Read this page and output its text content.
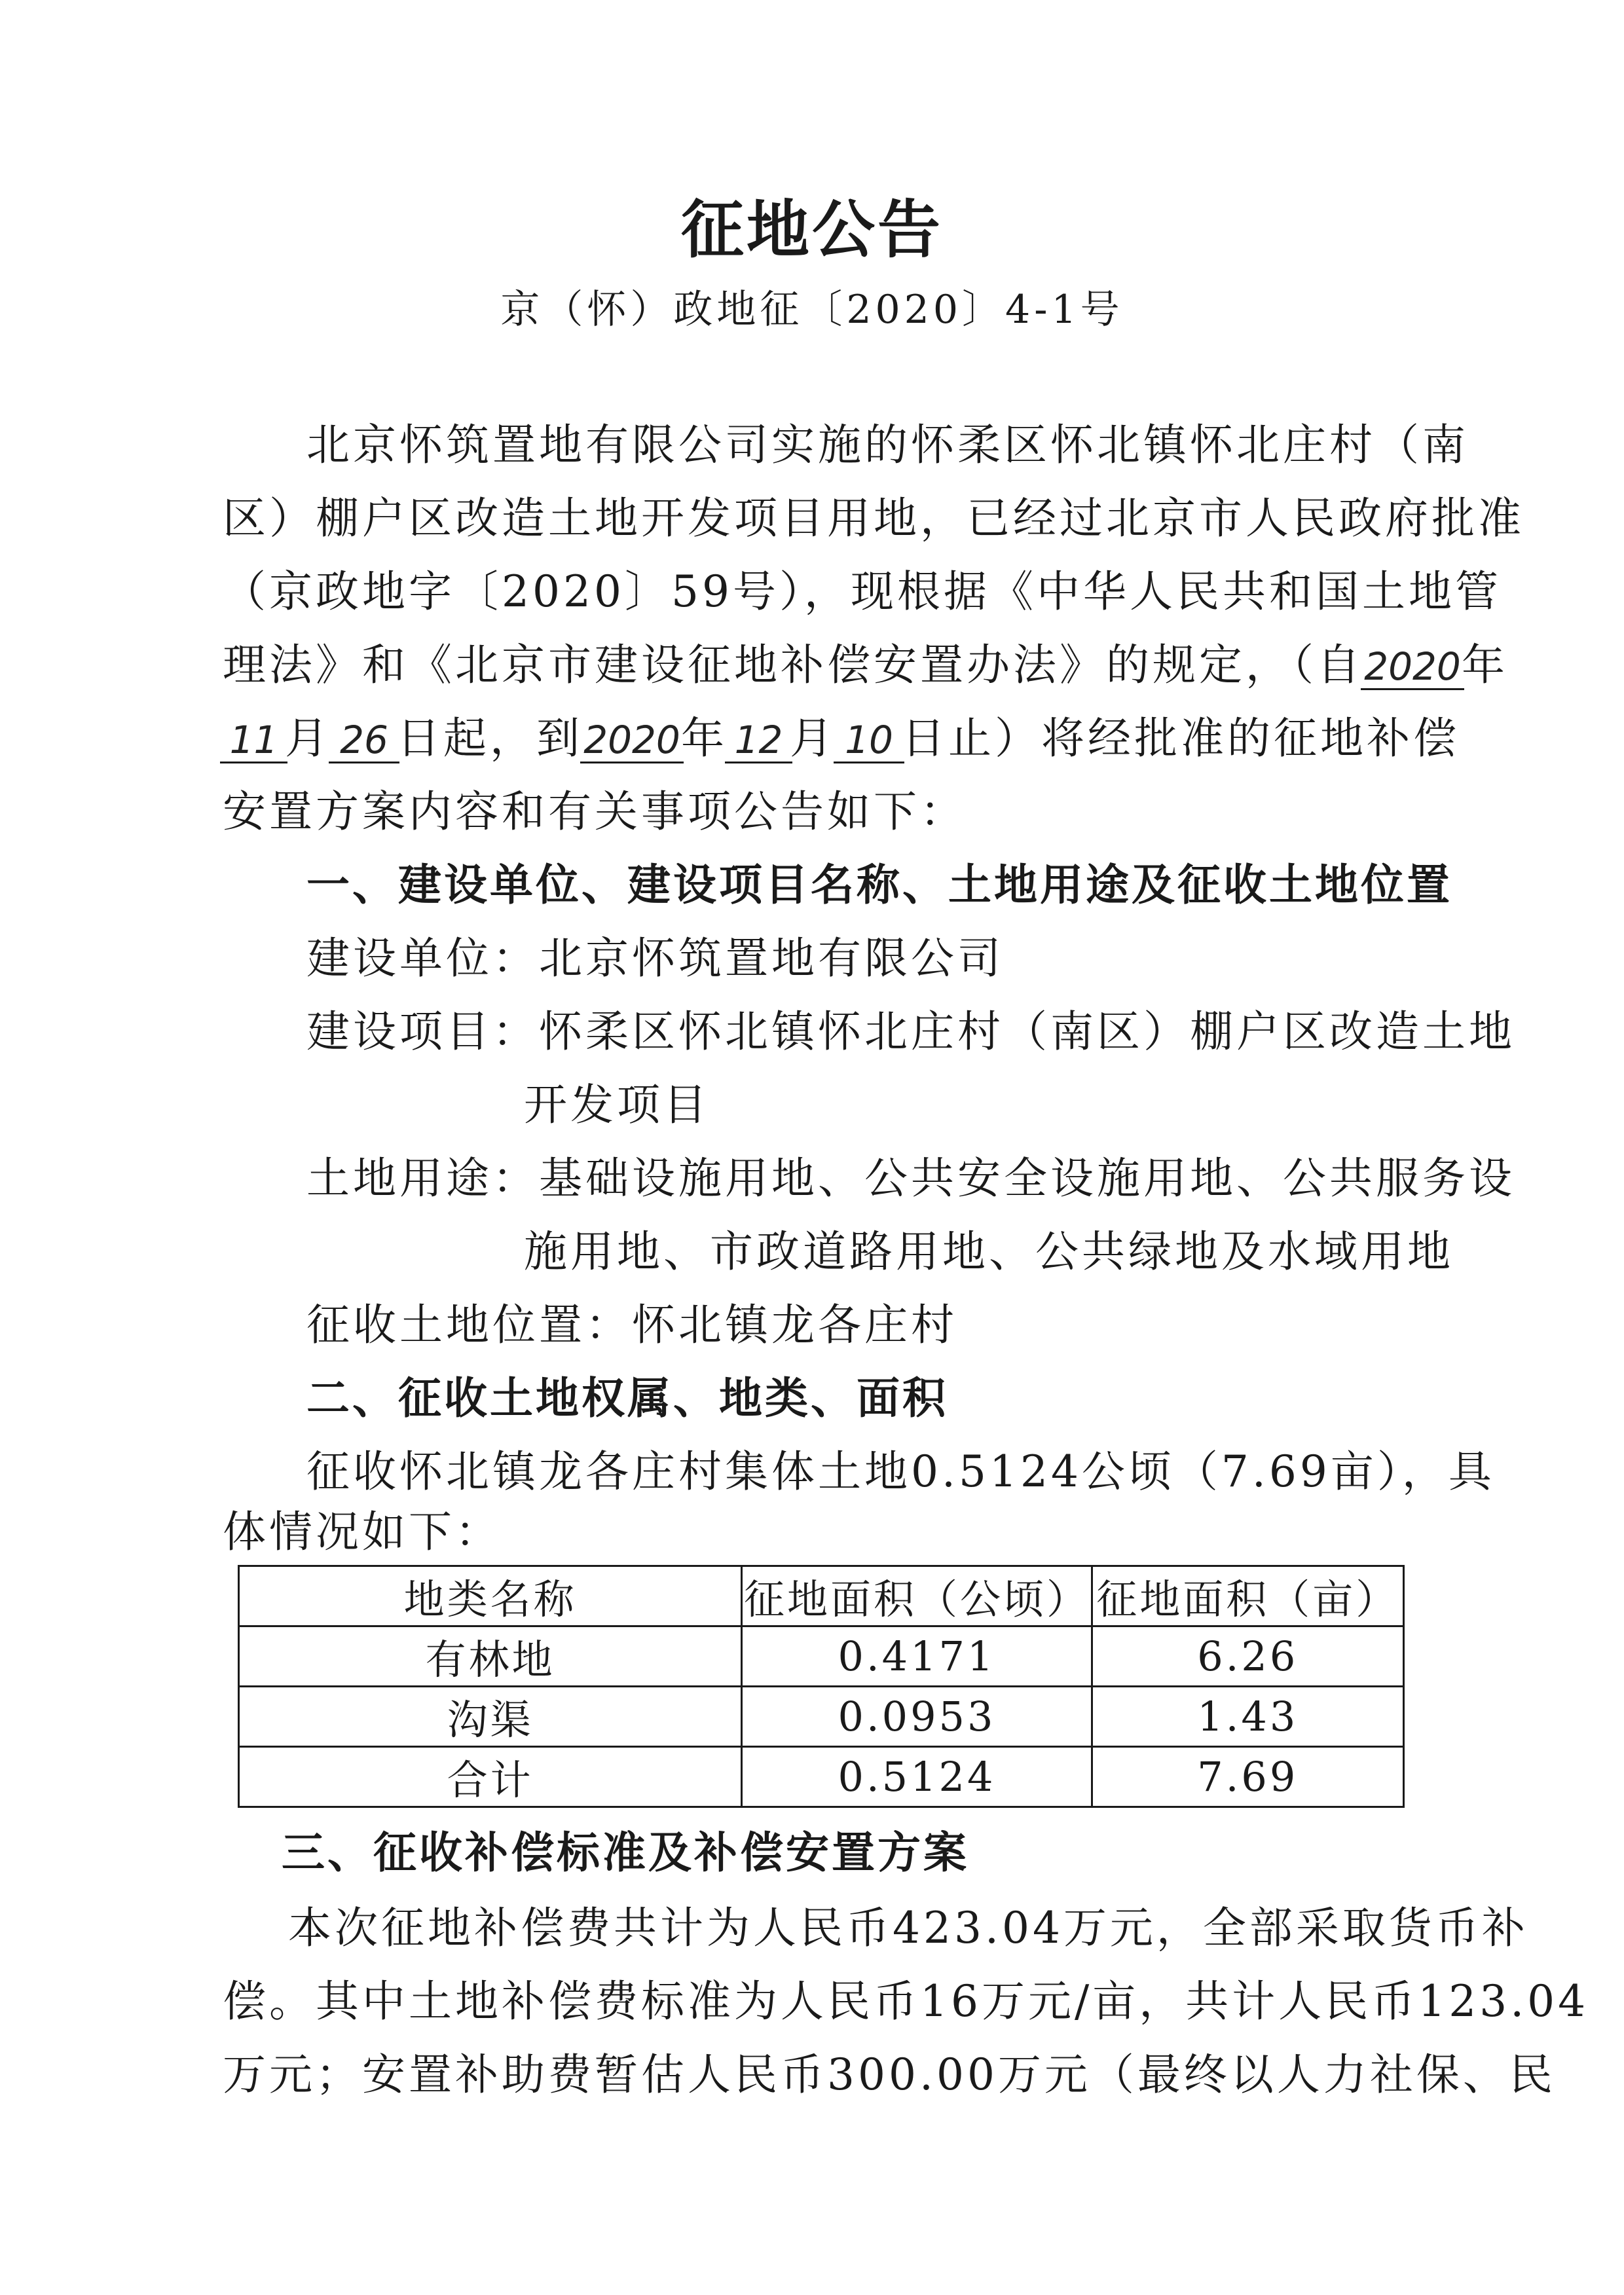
征地公告
京（怀）政地征〔2020〕4-1号
北京怀筑置地有限公司实施的怀柔区怀北镇怀北庄村（南
区）棚户区改造土地开发项目用地，已经过北京市人民政府批准
（京政地字〔2020〕59号），现根据《中华人民共和国土地管
理法》和《北京市建设征地补偿安置办法》的规定，（自2020年
11 月 26 日起，到2020年 12 月 10 日止）将经批准的征地补偿
安置方案内容和有关事项公告如下：
一、建设单位、建设项目名称、土地用途及征收土地位置
建设单位：北京怀筑置地有限公司
建设项目：怀柔区怀北镇怀北庄村（南区）棚户区改造土地
开发项目
土地用途：基础设施用地、公共安全设施用地、公共服务设
施用地、市政道路用地、公共绿地及水域用地
征收土地位置：怀北镇龙各庄村
二、征收土地权属、地类、面积
征收怀北镇龙各庄村集体土地0.5124公顷（7.69亩），具
体情况如下：
地类名称	征地面积（公顷）	征地面积（亩）
有林地	0.4171	6.26
沟渠	0.0953	1.43
合计	0.5124	7.69
三、征收补偿标准及补偿安置方案
本次征地补偿费共计为人民币423.04万元，全部采取货币补
偿。其中土地补偿费标准为人民币16万元/亩，共计人民币123.04
万元；安置补助费暂估人民币300.00万元（最终以人力社保、民
